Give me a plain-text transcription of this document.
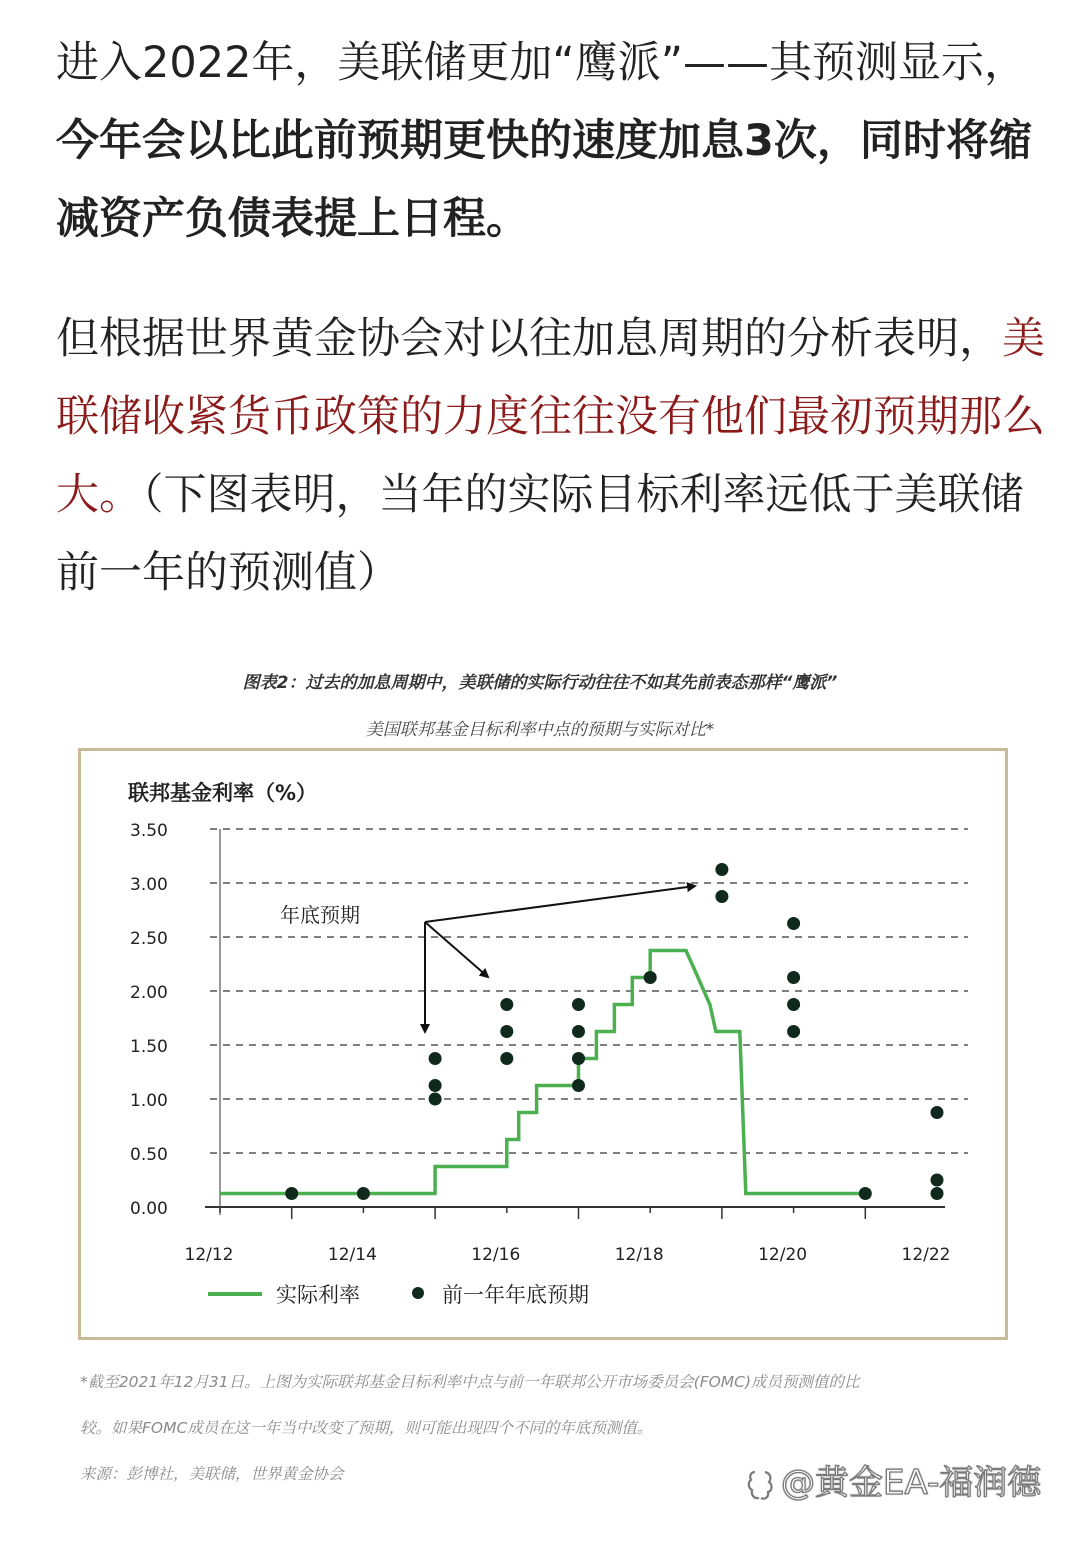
进入2022年，美联储更加“鹰派”——其预测显示，
今年会以比此前预期更快的速度加息3次，同时将缩减资产负债表提上日程。

但根据世界黄金协会对以往加息周期的分析表明，美联储收紧货币政策的力度往往没有他们最初预期那么大。（下图表明，当年的实际目标利率远低于美联储前一年的预测值）

图表2：过去的加息周期中，美联储的实际行动往往不如其先前表态那样“鹰派”
美国联邦基金目标利率中点的预期与实际对比*
联邦基金利率（%）
0.00
0.50
1.00
1.50
2.00
2.50
3.00
3.50
12/12	12/14	12/16	12/18	12/20	12/22
年底预期
实际利率	前一年年底预期

*截至2021年12月31日。上图为实际联邦基金目标利率中点与前一年联邦公开市场委员会(FOMC)成员预测值的比

较。如果FOMC成员在这一年当中改变了预期，则可能出现四个不同的年底预测值。

来源：彭博社，美联储，世界黄金协会	@黄金EA-福润德
